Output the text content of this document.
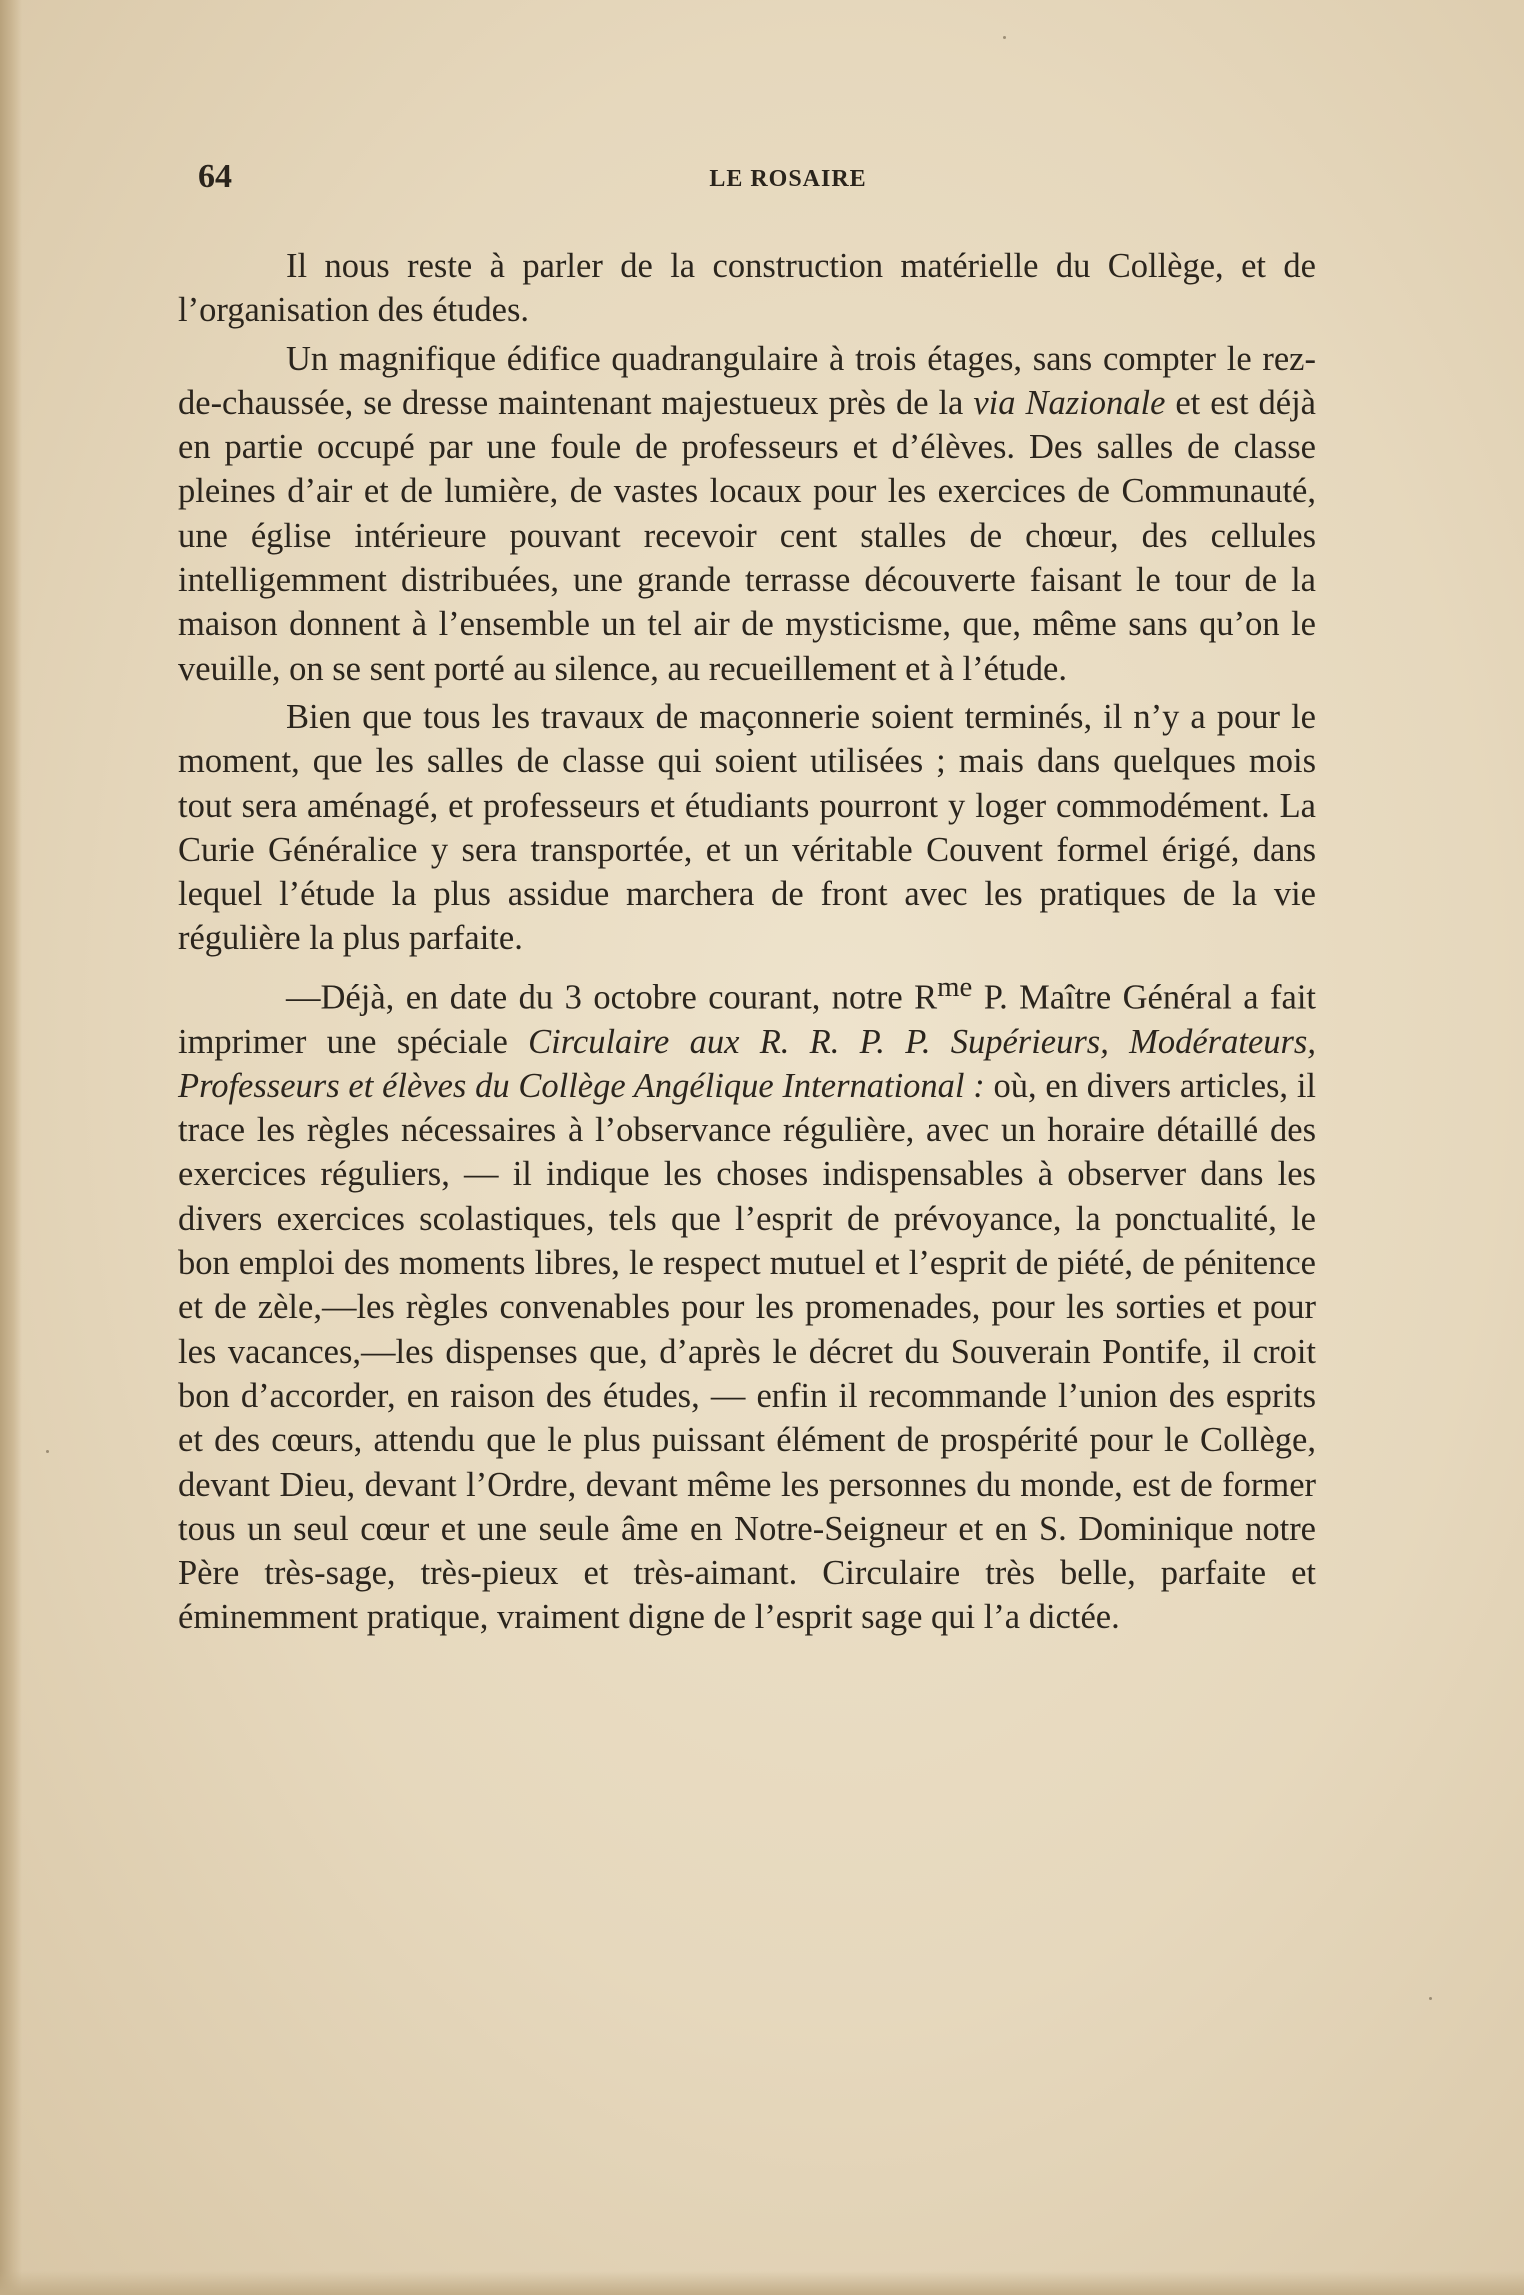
64	LE ROSAIRE

Il nous reste à parler de la construction matérielle du Collège, et de l’organisation des études.

Un magnifique édifice quadrangulaire à trois étages, sans compter le rez-de-chaussée, se dresse maintenant majestueux près de la via Nazionale et est déjà en partie occupé par une foule de professeurs et d’élèves. Des salles de classe pleines d’air et de lumière, de vastes locaux pour les exercices de Communauté, une église intérieure pouvant recevoir cent stalles de chœur, des cellules intelligemment distribuées, une grande terrasse découverte faisant le tour de la maison donnent à l’ensemble un tel air de mysticisme, que, même sans qu’on le veuille, on se sent porté au silence, au recueillement et à l’étude.

Bien que tous les travaux de maçonnerie soient terminés, il n’y a pour le moment, que les salles de classe qui soient utilisées ; mais dans quelques mois tout sera aménagé, et professeurs et étudiants pourront y loger commodément. La Curie Généralice y sera transportée, et un véritable Couvent formel érigé, dans lequel l’étude la plus assidue marchera de front avec les pratiques de la vie régulière la plus parfaite.

—Déjà, en date du 3 octobre courant, notre $R^{me}$ P. Maître Général a fait imprimer une spéciale Circulaire aux R. R. P. P. Supérieurs, Modérateurs, Professeurs et élèves du Collège Angélique International : où, en divers articles, il trace les règles nécessaires à l’observance régulière, avec un horaire détaillé des exercices réguliers, — il indique les choses indispensables à observer dans les divers exercices scolastiques, tels que l’esprit de prévoyance, la ponctualité, le bon emploi des moments libres, le respect mutuel et l’esprit de piété, de pénitence et de zèle,—les règles convenables pour les promenades, pour les sorties et pour les vacances,—les dispenses que, d’après le décret du Souverain Pontife, il croit bon d’accorder, en raison des études, — enfin il recommande l’union des esprits et des cœurs, attendu que le plus puissant élément de prospérité pour le Collège, devant Dieu, devant l’Ordre, devant même les personnes du monde, est de former tous un seul cœur et une seule âme en Notre-Seigneur et en S. Dominique notre Père très-sage, très-pieux et très-aimant. Circulaire très belle, parfaite et éminemment pratique, vraiment digne de l’esprit sage qui l’a dictée.
